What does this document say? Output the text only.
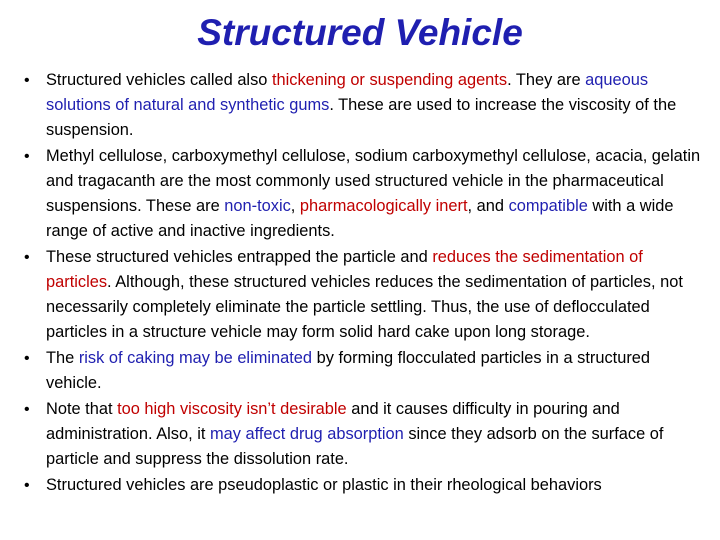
Structured Vehicle
• Structured vehicles called also thickening or suspending agents. They are aqueous solutions of natural and synthetic gums. These are used to increase the viscosity of the suspension.
• Methyl cellulose, carboxymethyl cellulose, sodium carboxymethyl cellulose, acacia, gelatin and tragacanth are the most commonly used structured vehicle in the pharmaceutical suspensions. These are non-toxic, pharmacologically inert, and compatible with a wide range of active and inactive ingredients.
• These structured vehicles entrapped the particle and reduces the sedimentation of particles. Although, these structured vehicles reduces the sedimentation of particles, not necessarily completely eliminate the particle settling. Thus, the use of deflocculated particles in a structure vehicle may form solid hard cake upon long storage.
• The risk of caking may be eliminated by forming flocculated particles in a structured vehicle.
• Note that too high viscosity isn’t desirable and it causes difficulty in pouring and administration. Also, it may affect drug absorption since they adsorb on the surface of particle and suppress the dissolution rate.
• Structured vehicles are pseudoplastic or plastic in their rheological behaviors
